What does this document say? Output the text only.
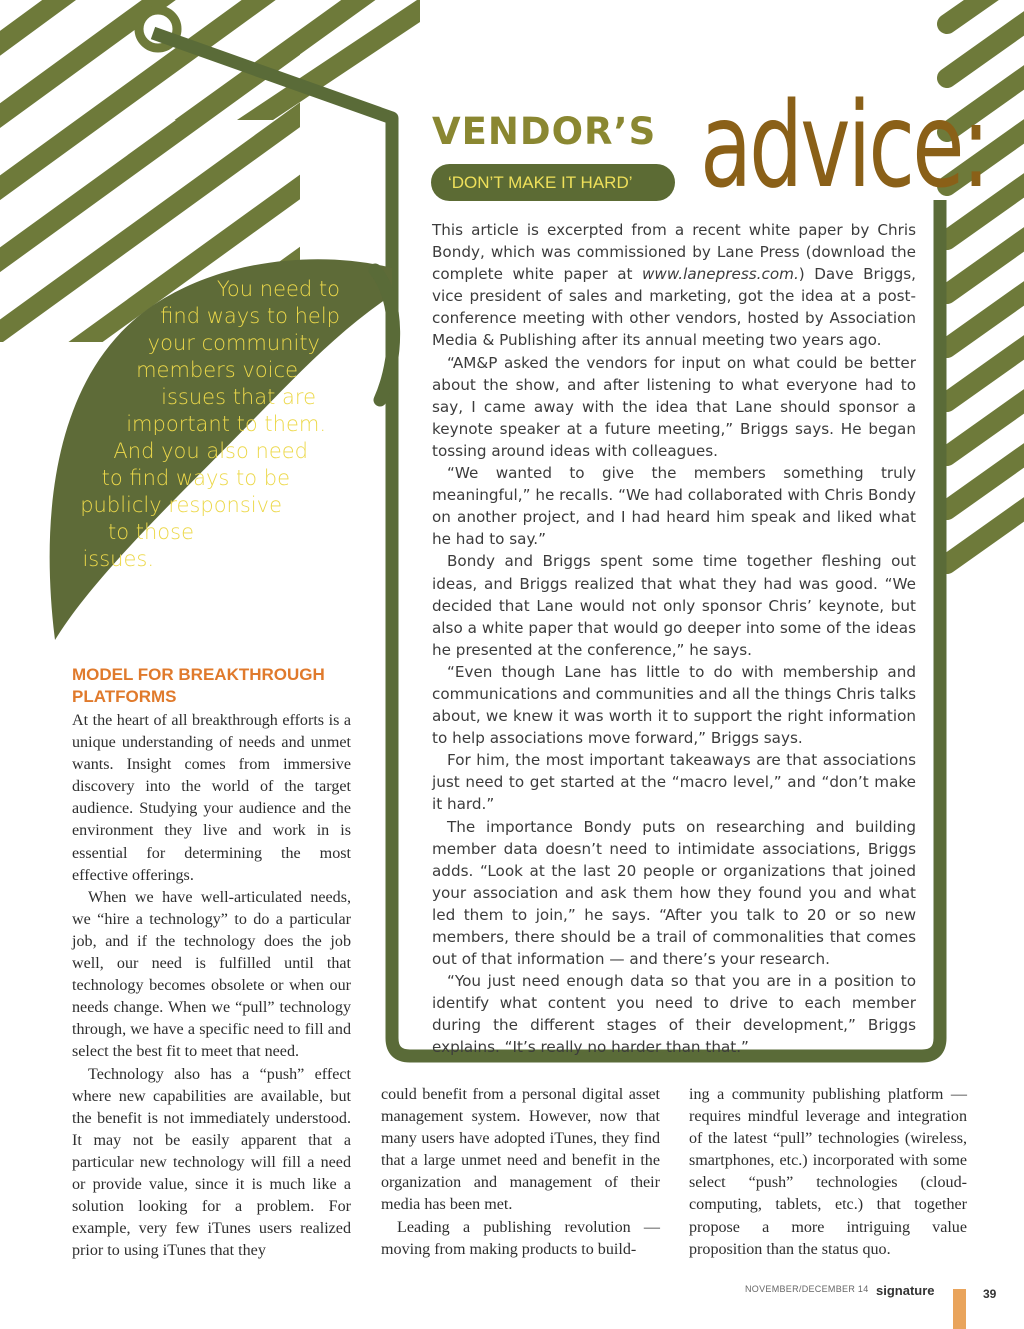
You need to
find ways to help
your community
members voice
issues that are
important to them.
And you also need
to find ways to be
publicly responsive
to those
issues.
VENDOR’S advice:
‘DON’T MAKE IT HARD’

This article is excerpted from a recent white paper by Chris Bondy, which was commissioned by Lane Press (download the complete white paper at www.lanepress.com.) Dave Briggs, vice president of sales and marketing, got the idea at a post-conference meeting with other vendors, hosted by Association Media & Publishing after its annual meeting two years ago.

“AM&P asked the vendors for input on what could be better about the show, and after listening to what everyone had to say, I came away with the idea that Lane should sponsor a keynote speaker at a future meeting,” Briggs says. He began tossing around ideas with colleagues.

“We wanted to give the members something truly meaningful,” he recalls. “We had collaborated with Chris Bondy on another project, and I had heard him speak and liked what he had to say.”

Bondy and Briggs spent some time together fleshing out ideas, and Briggs realized that what they had was good. “We decided that Lane would not only sponsor Chris’ keynote, but also a white paper that would go deeper into some of the ideas he presented at the conference,” he says.

“Even though Lane has little to do with membership and communications and communities and all the things Chris talks about, we knew it was worth it to support the right information to help associations move forward,” Briggs says.

For him, the most important takeaways are that associations just need to get started at the “macro level,” and “don’t make it hard.”

The importance Bondy puts on researching and building member data doesn’t need to intimidate associations, Briggs adds. “Look at the last 20 people or organizations that joined your association and ask them how they found you and what led them to join,” he says. “After you talk to 20 or so new members, there should be a trail of commonalities that comes out of that information — and there’s your research.

“You just need enough data so that you are in a position to identify what content you need to drive to each member during the different stages of their development,” Briggs explains. “It’s really no harder than that.”

MODEL FOR BREAKTHROUGH PLATFORMS

At the heart of all breakthrough efforts is a unique understanding of needs and unmet wants. Insight comes from immersive discovery into the world of the target audience. Studying your audience and the environment they live and work in is essential for determining the most effective offerings.

When we have well-articulated needs, we “hire a technology” to do a particular job, and if the technology does the job well, our need is fulfilled until that technology becomes obsolete or when our needs change. When we “pull” technology through, we have a specific need to fill and select the best fit to meet that need.

Technology also has a “push” effect where new capabilities are available, but the benefit is not immediately understood. It may not be easily apparent that a particular new technology will fill a need or provide value, since it is much like a solution looking for a problem. For example, very few iTunes users realized prior to using iTunes that they

could benefit from a personal digital asset management system. However, now that many users have adopted iTunes, they find that a large unmet need and benefit in the organization and management of their media has been met.

Leading a publishing revolution — moving from making products to build-

ing a community publishing platform — requires mindful leverage and integration of the latest “pull” technologies (wireless, smartphones, etc.) incorporated with some select “push” technologies (cloud-computing, tablets, etc.) that together propose a more intriguing value proposition than the status quo.

NOVEMBER/DECEMBER 14 signature	39
